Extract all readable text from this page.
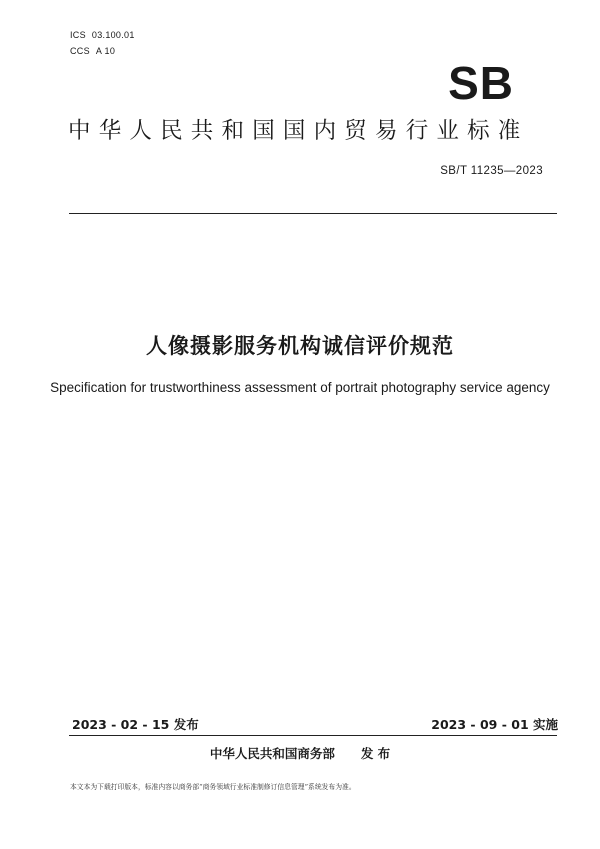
ICS 03.100.01
CCS A 10
SB
中华人民共和国国内贸易行业标准
SB/T 11235—2023
人像摄影服务机构诚信评价规范
Specification for trustworthiness assessment of portrait photography service agency
2023 - 02 - 15 发布	2023 - 09 - 01 实施
中华人民共和国商务部 发 布
本文本为下载打印版本，标准内容以商务部“商务领域行业标准制修订信息管理”系统发布为准。
